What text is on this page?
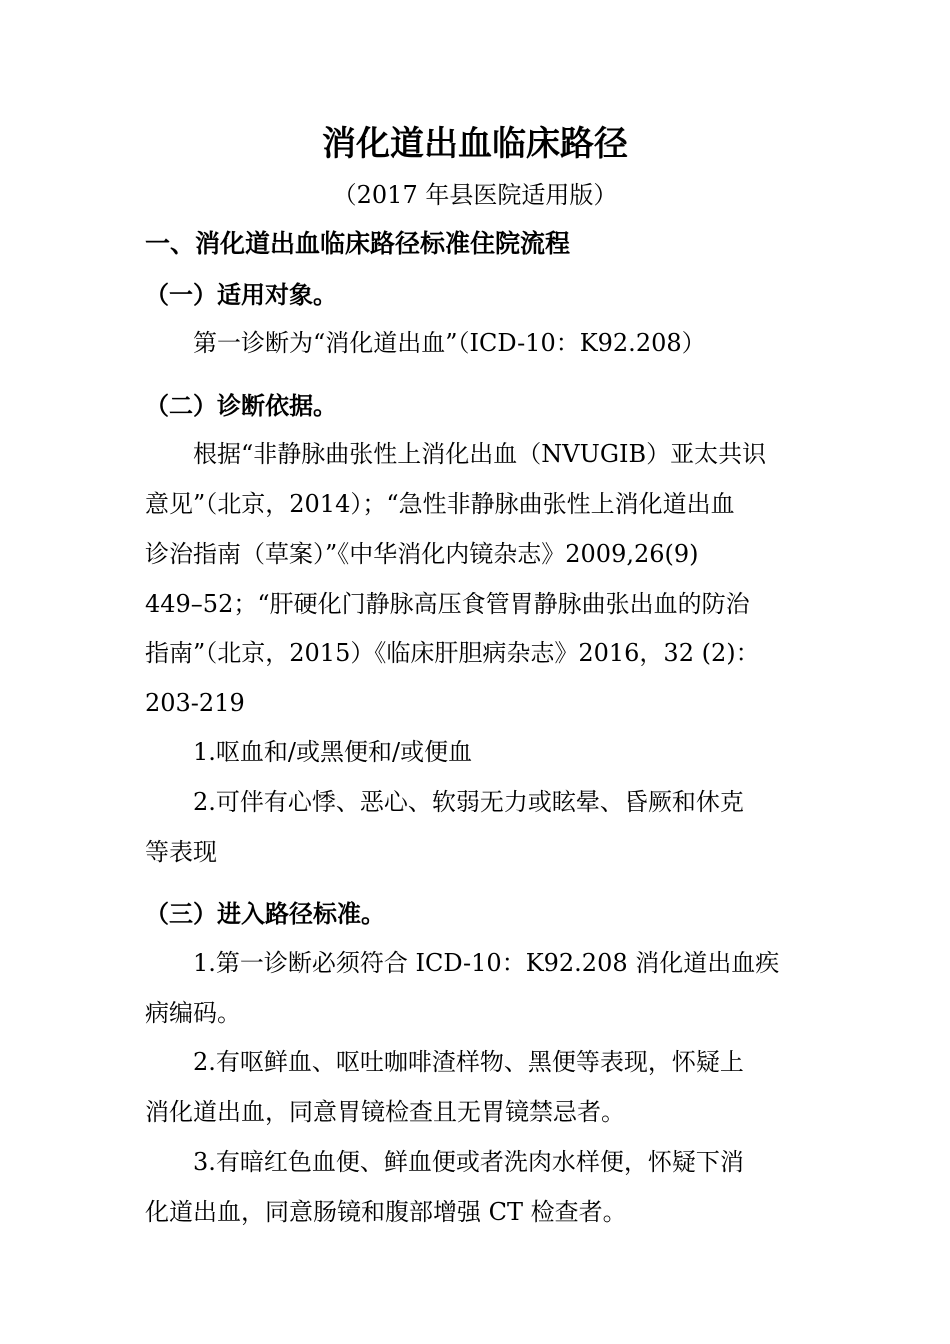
消化道出血临床路径
（2017 年县医院适用版）
一、消化道出血临床路径标准住院流程
（一）适用对象。
第一诊断为“消化道出血”（ICD-10：K92.208）
（二）诊断依据。
根据“非静脉曲张性上消化出血（NVUGIB）亚太共识
意见”（北京，2014）；“急性非静脉曲张性上消化道出血
诊治指南（草案）”《中华消化内镜杂志》2009,26(9)
449–52；“肝硬化门静脉高压食管胃静脉曲张出血的防治
指南”（北京，2015）《临床肝胆病杂志》2016，32 (2)：
203-219
1.呕血和/或黑便和/或便血
2.可伴有心悸、恶心、软弱无力或眩晕、昏厥和休克
等表现
（三）进入路径标准。
1.第一诊断必须符合 ICD-10：K92.208 消化道出血疾
病编码。
2.有呕鲜血、呕吐咖啡渣样物、黑便等表现，怀疑上
消化道出血，同意胃镜检查且无胃镜禁忌者。
3.有暗红色血便、鲜血便或者洗肉水样便，怀疑下消
化道出血，同意肠镜和腹部增强 CT 检查者。
